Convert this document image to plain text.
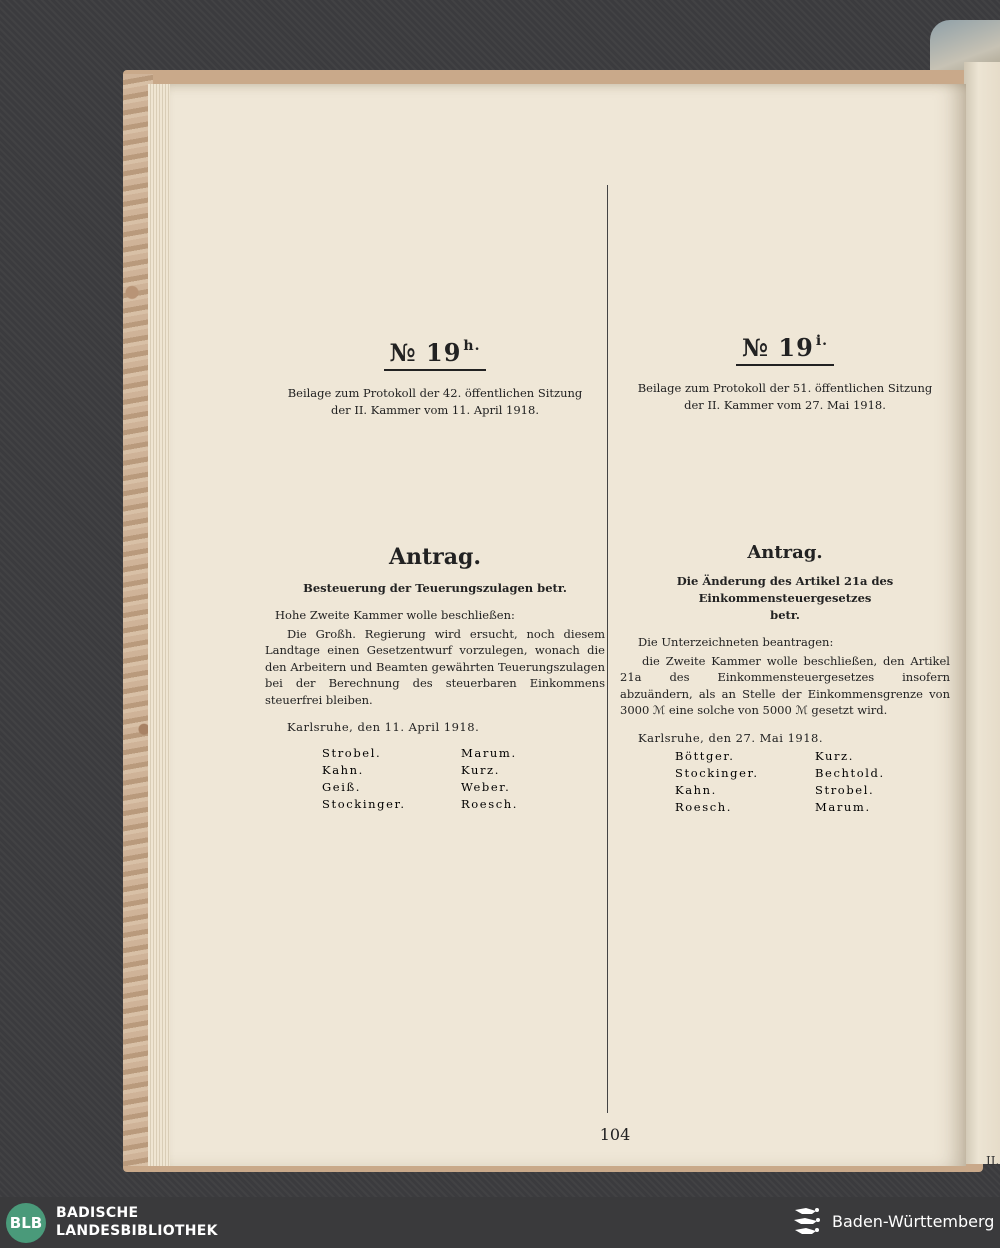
II.
№ 19 $^{h.}$
Beilage zum Protokoll der 42. öffentlichen Sitzung
der II. Kammer vom 11. April 1918.
Antrag.
Besteuerung der Teuerungszulagen betr.
Hohe Zweite Kammer wolle beschließen:
Die Großh. Regierung wird ersucht, noch diesem Landtage einen Gesetzentwurf vorzulegen, wonach die den Arbeitern und Beamten gewährten Teuerungszulagen bei der Berechnung des steuerbaren Einkommens steuerfrei bleiben.
Karlsruhe, den 11. April 1918.
Strobel.
Kahn.
Geiß.
Stockinger.
Marum.
Kurz.
Weber.
Roesch.
№ 19 $^{i.}$
Beilage zum Protokoll der 51. öffentlichen Sitzung
der II. Kammer vom 27. Mai 1918.
Antrag.
Die Änderung des Artikel 21a des Einkommensteuergesetzes
betr.
Die Unterzeichneten beantragen:
die Zweite Kammer wolle beschließen, den Artikel 21a des Einkommensteuergesetzes insofern abzuändern, als an Stelle der Einkommensgrenze von 3000 ℳ eine solche von 5000 ℳ gesetzt wird.
Karlsruhe, den 27. Mai 1918.
Böttger.
Stockinger.
Kahn.
Roesch.
Kurz.
Bechtold.
Strobel.
Marum.
104
BLB
BADISCHE
LANDESBIBLIOTHEK	Baden-Württemberg
